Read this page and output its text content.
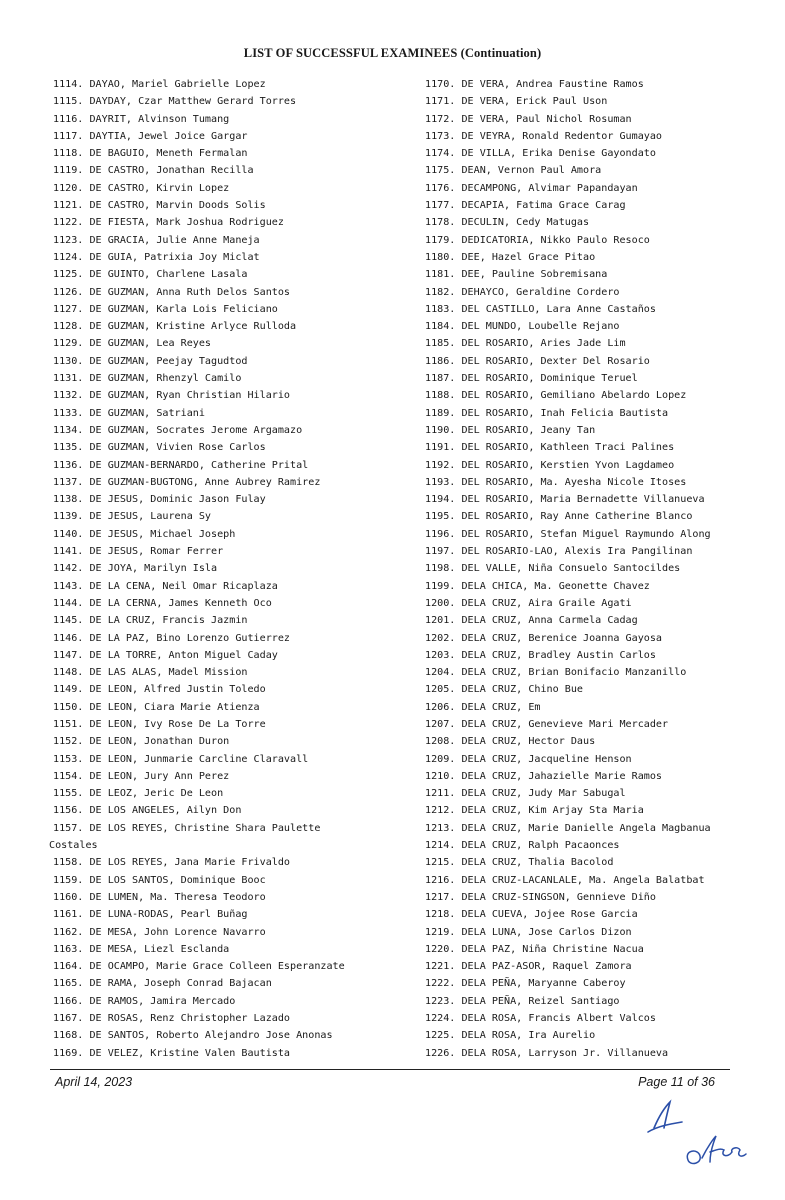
LIST OF SUCCESSFUL EXAMINEES (Continuation)
1114. DAYAO, Mariel Gabrielle Lopez
1115. DAYDAY, Czar Matthew Gerard Torres
1116. DAYRIT, Alvinson Tumang
1117. DAYTIA, Jewel Joice Gargar
1118. DE BAGUIO, Meneth Fermalan
1119. DE CASTRO, Jonathan Recilla
1120. DE CASTRO, Kirvin Lopez
1121. DE CASTRO, Marvin Doods Solis
1122. DE FIESTA, Mark Joshua Rodriguez
1123. DE GRACIA, Julie Anne Maneja
1124. DE GUIA, Patrixia Joy Miclat
1125. DE GUINTO, Charlene Lasala
1126. DE GUZMAN, Anna Ruth Delos Santos
1127. DE GUZMAN, Karla Lois Feliciano
1128. DE GUZMAN, Kristine Arlyce Rulloda
1129. DE GUZMAN, Lea Reyes
1130. DE GUZMAN, Peejay Tagudtod
1131. DE GUZMAN, Rhenzyl Camilo
1132. DE GUZMAN, Ryan Christian Hilario
1133. DE GUZMAN, Satriani
1134. DE GUZMAN, Socrates Jerome Argamazo
1135. DE GUZMAN, Vivien Rose Carlos
1136. DE GUZMAN-BERNARDO, Catherine Prital
1137. DE GUZMAN-BUGTONG, Anne Aubrey Ramirez
1138. DE JESUS, Dominic Jason Fulay
1139. DE JESUS, Laurena Sy
1140. DE JESUS, Michael Joseph
1141. DE JESUS, Romar Ferrer
1142. DE JOYA, Marilyn Isla
1143. DE LA CENA, Neil Omar Ricaplaza
1144. DE LA CERNA, James Kenneth Oco
1145. DE LA CRUZ, Francis Jazmin
1146. DE LA PAZ, Bino Lorenzo Gutierrez
1147. DE LA TORRE, Anton Miguel Caday
1148. DE LAS ALAS, Madel Mission
1149. DE LEON, Alfred Justin Toledo
1150. DE LEON, Ciara Marie Atienza
1151. DE LEON, Ivy Rose De La Torre
1152. DE LEON, Jonathan Duron
1153. DE LEON, Junmarie Carcline Claravall
1154. DE LEON, Jury Ann Perez
1155. DE LEOZ, Jeric De Leon
1156. DE LOS ANGELES, Ailyn Don
1157. DE LOS REYES, Christine Shara Paulette
Costales
1158. DE LOS REYES, Jana Marie Frivaldo
1159. DE LOS SANTOS, Dominique Booc
1160. DE LUMEN, Ma. Theresa Teodoro
1161. DE LUNA-RODAS, Pearl Buñag
1162. DE MESA, John Lorence Navarro
1163. DE MESA, Liezl Esclanda
1164. DE OCAMPO, Marie Grace Colleen Esperanzate
1165. DE RAMA, Joseph Conrad Bajacan
1166. DE RAMOS, Jamira Mercado
1167. DE ROSAS, Renz Christopher Lazado
1168. DE SANTOS, Roberto Alejandro Jose Anonas
1169. DE VELEZ, Kristine Valen Bautista
1170. DE VERA, Andrea Faustine Ramos
1171. DE VERA, Erick Paul Uson
1172. DE VERA, Paul Nichol Rosuman
1173. DE VEYRA, Ronald Redentor Gumayao
1174. DE VILLA, Erika Denise Gayondato
1175. DEAN, Vernon Paul Amora
1176. DECAMPONG, Alvimar Papandayan
1177. DECAPIA, Fatima Grace Carag
1178. DECULIN, Cedy Matugas
1179. DEDICATORIA, Nikko Paulo Resoco
1180. DEE, Hazel Grace Pitao
1181. DEE, Pauline Sobremisana
1182. DEHAYCO, Geraldine Cordero
1183. DEL CASTILLO, Lara Anne Castaños
1184. DEL MUNDO, Loubelle Rejano
1185. DEL ROSARIO, Aries Jade Lim
1186. DEL ROSARIO, Dexter Del Rosario
1187. DEL ROSARIO, Dominique Teruel
1188. DEL ROSARIO, Gemiliano Abelardo Lopez
1189. DEL ROSARIO, Inah Felicia Bautista
1190. DEL ROSARIO, Jeany Tan
1191. DEL ROSARIO, Kathleen Traci Palines
1192. DEL ROSARIO, Kerstien Yvon Lagdameo
1193. DEL ROSARIO, Ma. Ayesha Nicole Itoses
1194. DEL ROSARIO, Maria Bernadette Villanueva
1195. DEL ROSARIO, Ray Anne Catherine Blanco
1196. DEL ROSARIO, Stefan Miguel Raymundo Along
1197. DEL ROSARIO-LAO, Alexis Ira Pangilinan
1198. DEL VALLE, Niña Consuelo Santocildes
1199. DELA CHICA, Ma. Geonette Chavez
1200. DELA CRUZ, Aira Graile Agati
1201. DELA CRUZ, Anna Carmela Cadag
1202. DELA CRUZ, Berenice Joanna Gayosa
1203. DELA CRUZ, Bradley Austin Carlos
1204. DELA CRUZ, Brian Bonifacio Manzanillo
1205. DELA CRUZ, Chino Bue
1206. DELA CRUZ, Em
1207. DELA CRUZ, Genevieve Mari Mercader
1208. DELA CRUZ, Hector Daus
1209. DELA CRUZ, Jacqueline Henson
1210. DELA CRUZ, Jahazielle Marie Ramos
1211. DELA CRUZ, Judy Mar Sabugal
1212. DELA CRUZ, Kim Arjay Sta Maria
1213. DELA CRUZ, Marie Danielle Angela Magbanua
1214. DELA CRUZ, Ralph Pacaonces
1215. DELA CRUZ, Thalia Bacolod
1216. DELA CRUZ-LACANLALE, Ma. Angela Balatbat
1217. DELA CRUZ-SINGSON, Gennieve Diño
1218. DELA CUEVA, Jojee Rose Garcia
1219. DELA LUNA, Jose Carlos Dizon
1220. DELA PAZ, Niña Christine Nacua
1221. DELA PAZ-ASOR, Raquel Zamora
1222. DELA PEÑA, Maryanne Caberoy
1223. DELA PEÑA, Reizel Santiago
1224. DELA ROSA, Francis Albert Valcos
1225. DELA ROSA, Ira Aurelio
1226. DELA ROSA, Larryson Jr. Villanueva
April 14, 2023	Page 11 of 36
